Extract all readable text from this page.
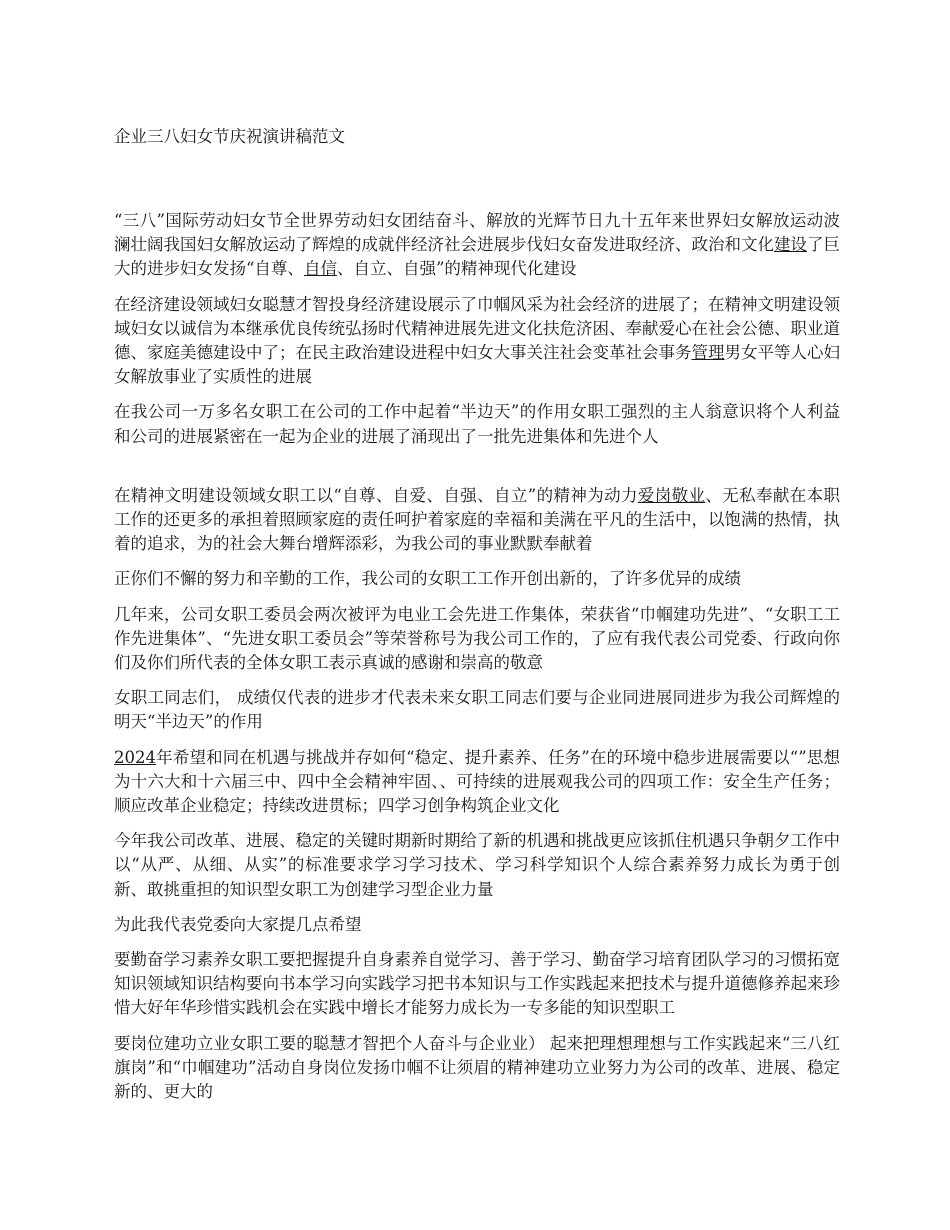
企业三八妇女节庆祝演讲稿范文

“三八”国际劳动妇女节全世界劳动妇女团结奋斗、解放的光辉节日九十五年来世界妇女解放运动波澜壮阔我国妇女解放运动了辉煌的成就伴经济社会进展步伐妇女奋发进取经济、政治和文化建设了巨大的进步妇女发扬“自尊、自信、自立、自强”的精神现代化建设

在经济建设领域妇女聪慧才智投身经济建设展示了巾帼风采为社会经济的进展了；在精神文明建设领域妇女以诚信为本继承优良传统弘扬时代精神进展先进文化扶危济困、奉献爱心在社会公德、职业道德、家庭美德建设中了；在民主政治建设进程中妇女大事关注社会变革社会事务管理男女平等人心妇女解放事业了实质性的进展

在我公司一万多名女职工在公司的工作中起着“半边天”的作用女职工强烈的主人翁意识将个人利益和公司的进展紧密在一起为企业的进展了涌现出了一批先进集体和先进个人

在精神文明建设领域女职工以“自尊、自爱、自强、自立”的精神为动力爱岗敬业、无私奉献在本职工作的还更多的承担着照顾家庭的责任呵护着家庭的幸福和美满在平凡的生活中，以饱满的热情，执着的追求，为的社会大舞台增辉添彩，为我公司的事业默默奉献着

正你们不懈的努力和辛勤的工作，我公司的女职工工作开创出新的，了许多优异的成绩

几年来，公司女职工委员会两次被评为电业工会先进工作集体，荣获省“巾帼建功先进”、“女职工工作先进集体”、“先进女职工委员会”等荣誉称号为我公司工作的，了应有我代表公司党委、行政向你们及你们所代表的全体女职工表示真诚的感谢和崇高的敬意

女职工同志们， 成绩仅代表的进步才代表未来女职工同志们要与企业同进展同进步为我公司辉煌的明天“半边天”的作用

2024年希望和同在机遇与挑战并存如何“稳定、提升素养、任务”在的环境中稳步进展需要以“”思想为十六大和十六届三中、四中全会精神牢固、、可持续的进展观我公司的四项工作：安全生产任务；顺应改革企业稳定；持续改进贯标；四学习创争构筑企业文化

今年我公司改革、进展、稳定的关键时期新时期给了新的机遇和挑战更应该抓住机遇只争朝夕工作中以“从严、从细、从实”的标准要求学习学习技术、学习科学知识个人综合素养努力成长为勇于创新、敢挑重担的知识型女职工为创建学习型企业力量

为此我代表党委向大家提几点希望

要勤奋学习素养女职工要把握提升自身素养自觉学习、善于学习、勤奋学习培育团队学习的习惯拓宽知识领域知识结构要向书本学习向实践学习把书本知识与工作实践起来把技术与提升道德修养起来珍惜大好年华珍惜实践机会在实践中增长才能努力成长为一专多能的知识型职工

要岗位建功立业女职工要的聪慧才智把个人奋斗与企业业） 起来把理想理想与工作实践起来“三八红旗岗”和“巾帼建功”活动自身岗位发扬巾帼不让须眉的精神建功立业努力为公司的改革、进展、稳定新的、更大的
